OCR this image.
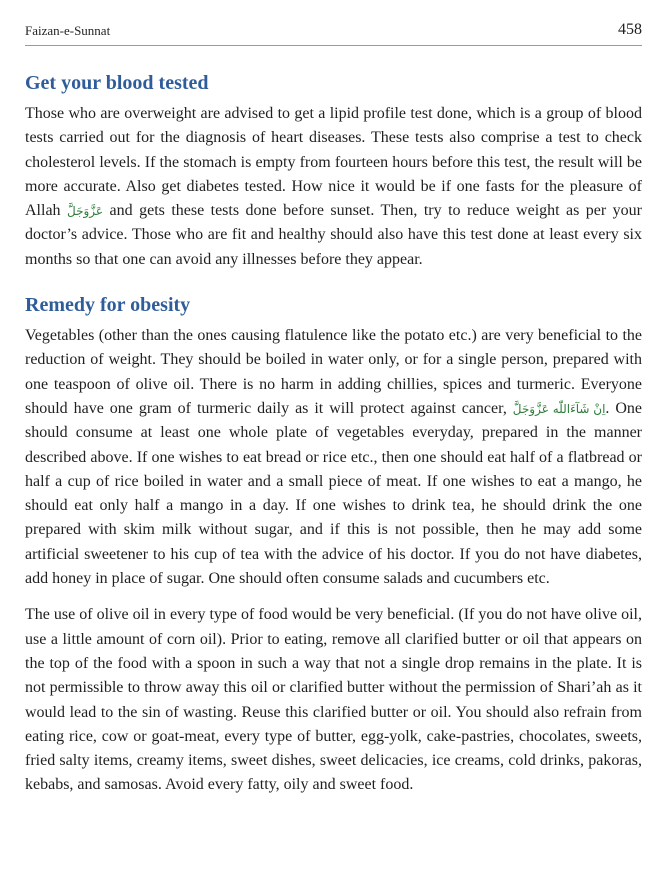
Faizan-e-Sunnat	458
Get your blood tested

Those who are overweight are advised to get a lipid profile test done, which is a group of blood tests carried out for the diagnosis of heart diseases. These tests also comprise a test to check cholesterol levels. If the stomach is empty from fourteen hours before this test, the result will be more accurate. Also get diabetes tested. How nice it would be if one fasts for the pleasure of Allah عَزَّوَجَلَّ and gets these tests done before sunset. Then, try to reduce weight as per your doctor’s advice. Those who are fit and healthy should also have this test done at least every six months so that one can avoid any illnesses before they appear.

Remedy for obesity

Vegetables (other than the ones causing flatulence like the potato etc.) are very beneficial to the reduction of weight. They should be boiled in water only, or for a single person, prepared with one teaspoon of olive oil. There is no harm in adding chillies, spices and turmeric. Everyone should have one gram of turmeric daily as it will protect against cancer, اِنْ شَآءَاللّٰه عَزَّوَجَلَّ. One should consume at least one whole plate of vegetables everyday, prepared in the manner described above. If one wishes to eat bread or rice etc., then one should eat half of a flatbread or half a cup of rice boiled in water and a small piece of meat. If one wishes to eat a mango, he should eat only half a mango in a day. If one wishes to drink tea, he should drink the one prepared with skim milk without sugar, and if this is not possible, then he may add some artificial sweetener to his cup of tea with the advice of his doctor. If you do not have diabetes, add honey in place of sugar. One should often consume salads and cucumbers etc.

The use of olive oil in every type of food would be very beneficial. (If you do not have olive oil, use a little amount of corn oil). Prior to eating, remove all clarified butter or oil that appears on the top of the food with a spoon in such a way that not a single drop remains in the plate. It is not permissible to throw away this oil or clarified butter without the permission of Shari’ah as it would lead to the sin of wasting. Reuse this clarified butter or oil. You should also refrain from eating rice, cow or goat-meat, every type of butter, egg-yolk, cake-pastries, chocolates, sweets, fried salty items, creamy items, sweet dishes, sweet delicacies, ice creams, cold drinks, pakoras, kebabs, and samosas. Avoid every fatty, oily and sweet food.
